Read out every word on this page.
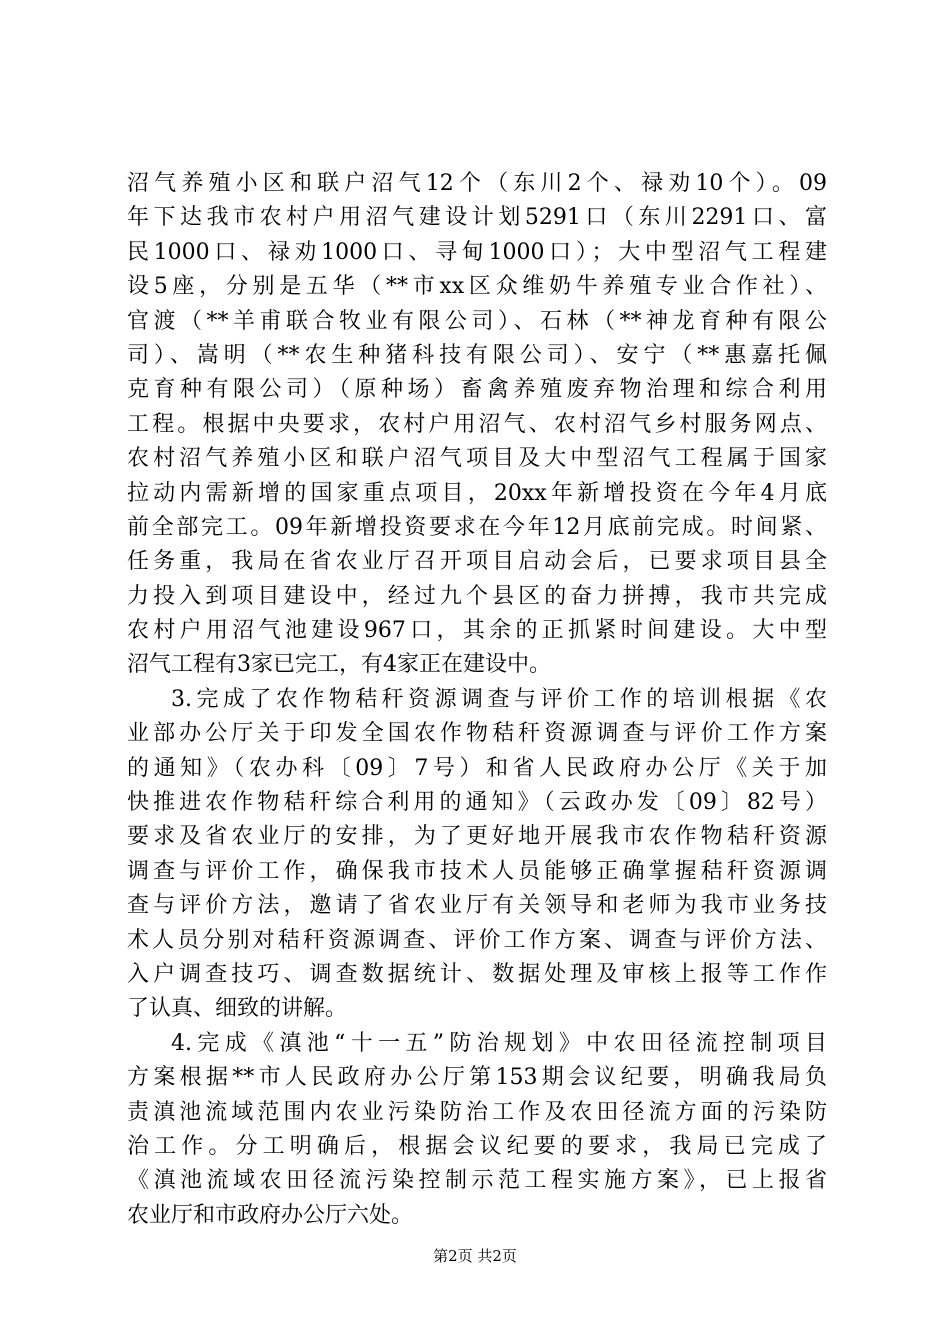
沼气养殖小区和联户沼气12个（东川2个、禄劝10个）。09
年下达我市农村户用沼气建设计划5291口（东川2291口、富
民1000口、禄劝1000口、寻甸1000口）；大中型沼气工程建
设5座，分别是五华（**市xx区众维奶牛养殖专业合作社）、
官渡（**羊甫联合牧业有限公司）、石林（**神龙育种有限公
司）、嵩明（**农生种猪科技有限公司）、安宁（**惠嘉托佩
克育种有限公司）（原种场）畜禽养殖废弃物治理和综合利用
工程。根据中央要求，农村户用沼气、农村沼气乡村服务网点、
农村沼气养殖小区和联户沼气项目及大中型沼气工程属于国家
拉动内需新增的国家重点项目，20xx年新增投资在今年4月底
前全部完工。09年新增投资要求在今年12月底前完成。时间紧、
任务重，我局在省农业厅召开项目启动会后，已要求项目县全
力投入到项目建设中，经过九个县区的奋力拼搏，我市共完成
农村户用沼气池建设967口，其余的正抓紧时间建设。大中型
沼气工程有3家已完工，有4家正在建设中。
3.完成了农作物秸秆资源调查与评价工作的培训根据《农
业部办公厅关于印发全国农作物秸秆资源调查与评价工作方案
的通知》（农办科〔09〕7号）和省人民政府办公厅《关于加
快推进农作物秸秆综合利用的通知》（云政办发〔09〕82号）
要求及省农业厅的安排，为了更好地开展我市农作物秸秆资源
调查与评价工作，确保我市技术人员能够正确掌握秸秆资源调
查与评价方法，邀请了省农业厅有关领导和老师为我市业务技
术人员分别对秸秆资源调查、评价工作方案、调查与评价方法、
入户调查技巧、调查数据统计、数据处理及审核上报等工作作
了认真、细致的讲解。
4.完成《滇池“十一五”防治规划》中农田径流控制项目
方案根据**市人民政府办公厅第153期会议纪要，明确我局负
责滇池流域范围内农业污染防治工作及农田径流方面的污染防
治工作。分工明确后，根据会议纪要的要求，我局已完成了
《滇池流域农田径流污染控制示范工程实施方案》，已上报省
农业厅和市政府办公厅六处。
第2页 共2页
